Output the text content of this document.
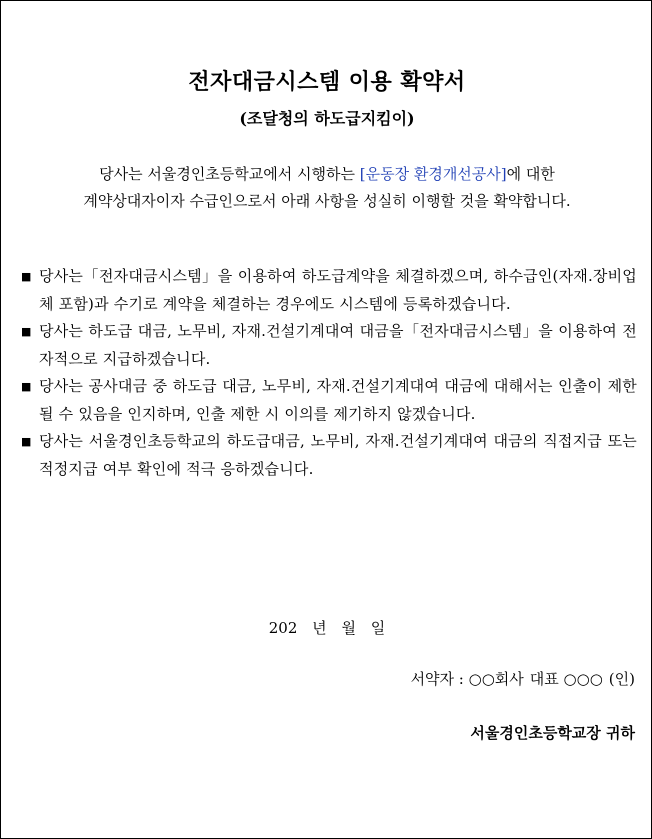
전자대금시스템 이용 확약서
(조달청의 하도급지킴이)
당사는 서울경인초등학교에서 시행하는 [운동장 환경개선공사]에 대한
계약상대자이자 수급인으로서 아래 사항을 성실히 이행할 것을 확약합니다.
■ 당사는「전자대금시스템」을 이용하여 하도급계약을 체결하겠으며, 하수급인(자재.장비업체 포함)과 수기로 계약을 체결하는 경우에도 시스템에 등록하겠습니다.
■ 당사는 하도급 대금, 노무비, 자재.건설기계대여 대금을「전자대금시스템」을 이용하여 전자적으로 지급하겠습니다.
■ 당사는 공사대금 중 하도급 대금, 노무비, 자재.건설기계대여 대금에 대해서는 인출이 제한될 수 있음을 인지하며, 인출 제한 시 이의를 제기하지 않겠습니다.
■ 당사는 서울경인초등학교의 하도급대금, 노무비, 자재.건설기계대여 대금의 직접지급 또는 적정지급 여부 확인에 적극 응하겠습니다.
202 년 월 일
서약자 : ○○회사 대표 ○○○ (인)
서울경인초등학교장 귀하
